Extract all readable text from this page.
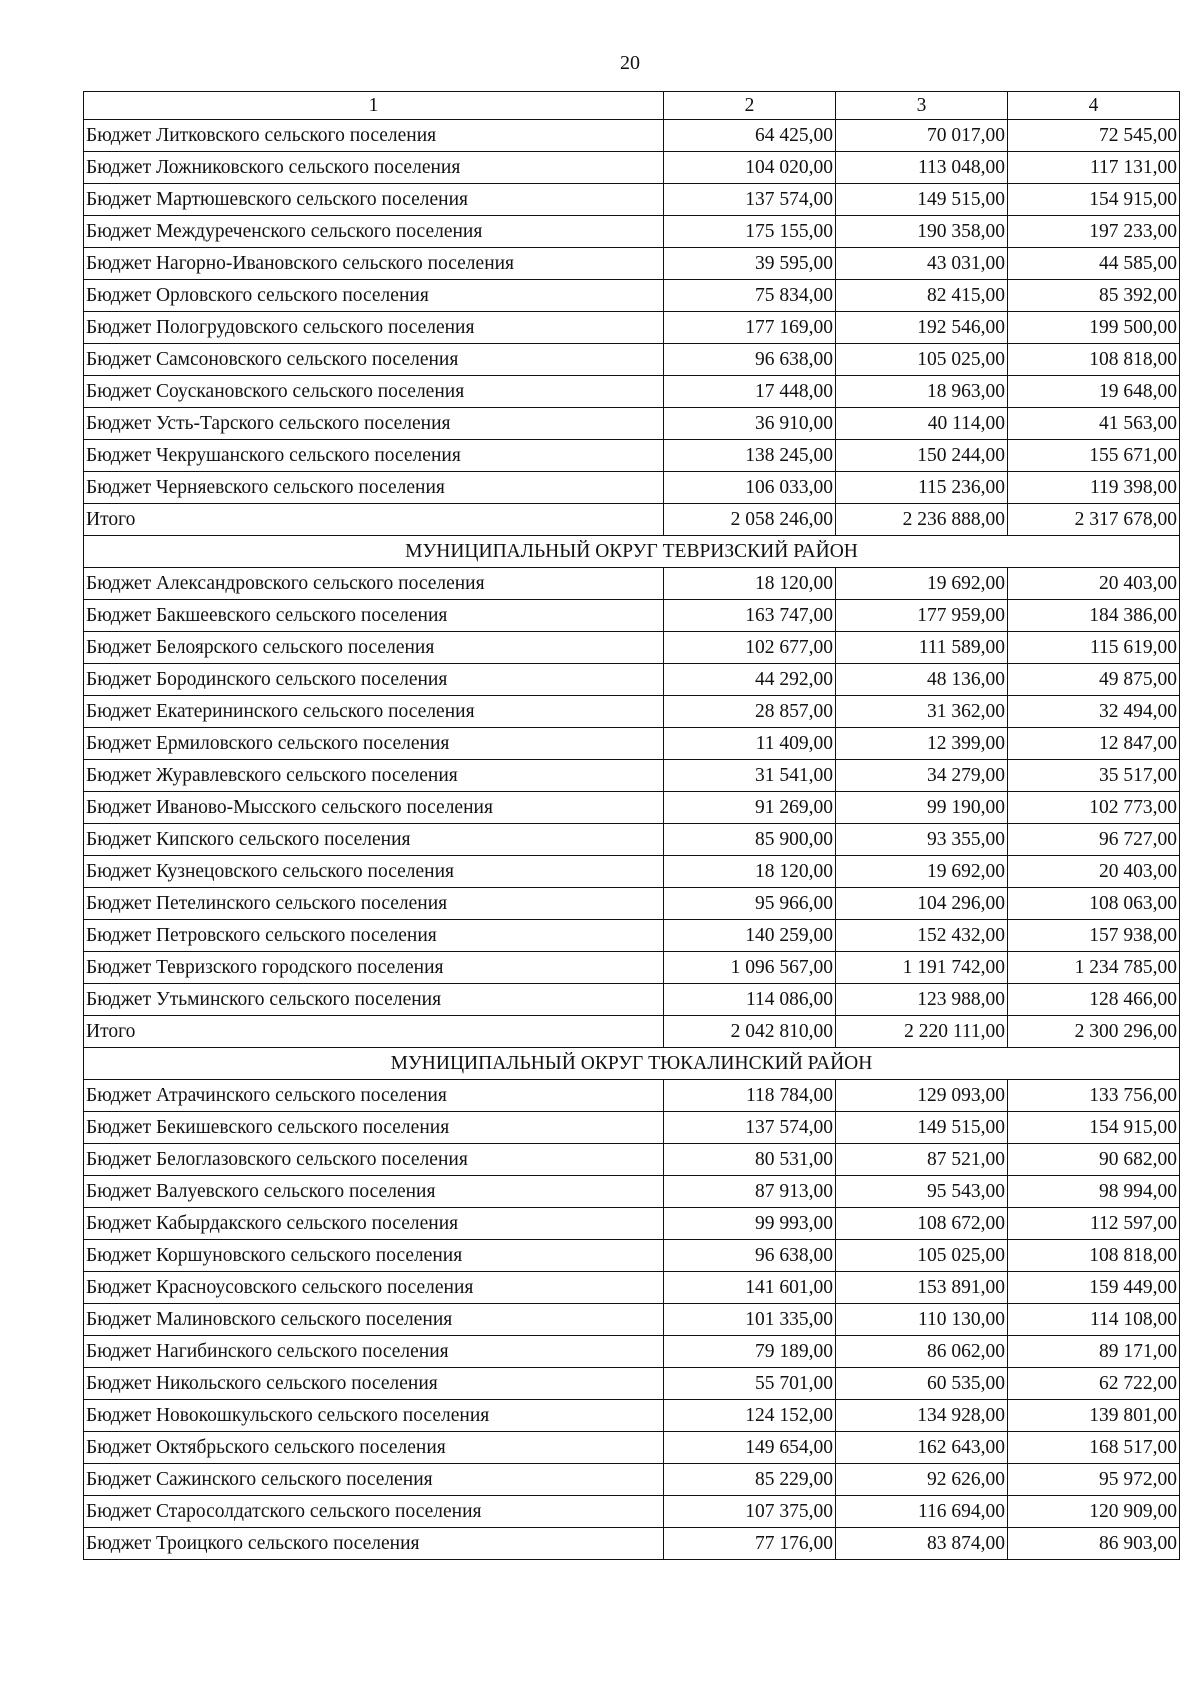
20
1	2	3	4
Бюджет Литковского сельского поселения	64 425,00	70 017,00	72 545,00
Бюджет Ложниковского сельского поселения	104 020,00	113 048,00	117 131,00
Бюджет Мартюшевского сельского поселения	137 574,00	149 515,00	154 915,00
Бюджет Междуреченского сельского поселения	175 155,00	190 358,00	197 233,00
Бюджет Нагорно-Ивановского сельского поселения	39 595,00	43 031,00	44 585,00
Бюджет Орловского сельского поселения	75 834,00	82 415,00	85 392,00
Бюджет Пологрудовского сельского поселения	177 169,00	192 546,00	199 500,00
Бюджет Самсоновского сельского поселения	96 638,00	105 025,00	108 818,00
Бюджет Соускановского сельского поселения	17 448,00	18 963,00	19 648,00
Бюджет Усть-Тарского сельского поселения	36 910,00	40 114,00	41 563,00
Бюджет Чекрушанского сельского поселения	138 245,00	150 244,00	155 671,00
Бюджет Черняевского сельского поселения	106 033,00	115 236,00	119 398,00
Итого	2 058 246,00	2 236 888,00	2 317 678,00
МУНИЦИПАЛЬНЫЙ ОКРУГ ТЕВРИЗСКИЙ РАЙОН			
Бюджет Александровского сельского поселения	18 120,00	19 692,00	20 403,00
Бюджет Бакшеевского сельского поселения	163 747,00	177 959,00	184 386,00
Бюджет Белоярского сельского поселения	102 677,00	111 589,00	115 619,00
Бюджет Бородинского сельского поселения	44 292,00	48 136,00	49 875,00
Бюджет Екатерининского сельского поселения	28 857,00	31 362,00	32 494,00
Бюджет Ермиловского сельского поселения	11 409,00	12 399,00	12 847,00
Бюджет Журавлевского сельского поселения	31 541,00	34 279,00	35 517,00
Бюджет Иваново-Мысского сельского поселения	91 269,00	99 190,00	102 773,00
Бюджет Кипского сельского поселения	85 900,00	93 355,00	96 727,00
Бюджет Кузнецовского сельского поселения	18 120,00	19 692,00	20 403,00
Бюджет Петелинского сельского поселения	95 966,00	104 296,00	108 063,00
Бюджет Петровского сельского поселения	140 259,00	152 432,00	157 938,00
Бюджет Тевризского городского поселения	1 096 567,00	1 191 742,00	1 234 785,00
Бюджет Утьминского сельского поселения	114 086,00	123 988,00	128 466,00
Итого	2 042 810,00	2 220 111,00	2 300 296,00
МУНИЦИПАЛЬНЫЙ ОКРУГ ТЮКАЛИНСКИЙ РАЙОН			
Бюджет Атрачинского сельского поселения	118 784,00	129 093,00	133 756,00
Бюджет Бекишевского сельского поселения	137 574,00	149 515,00	154 915,00
Бюджет Белоглазовского сельского поселения	80 531,00	87 521,00	90 682,00
Бюджет Валуевского сельского поселения	87 913,00	95 543,00	98 994,00
Бюджет Кабырдакского сельского поселения	99 993,00	108 672,00	112 597,00
Бюджет Коршуновского сельского поселения	96 638,00	105 025,00	108 818,00
Бюджет Красноусовского сельского поселения	141 601,00	153 891,00	159 449,00
Бюджет Малиновского сельского поселения	101 335,00	110 130,00	114 108,00
Бюджет Нагибинского сельского поселения	79 189,00	86 062,00	89 171,00
Бюджет Никольского сельского поселения	55 701,00	60 535,00	62 722,00
Бюджет Новокошкульского сельского поселения	124 152,00	134 928,00	139 801,00
Бюджет Октябрьского сельского поселения	149 654,00	162 643,00	168 517,00
Бюджет Сажинского сельского поселения	85 229,00	92 626,00	95 972,00
Бюджет Старосолдатского сельского поселения	107 375,00	116 694,00	120 909,00
Бюджет Троицкого сельского поселения	77 176,00	83 874,00	86 903,00
